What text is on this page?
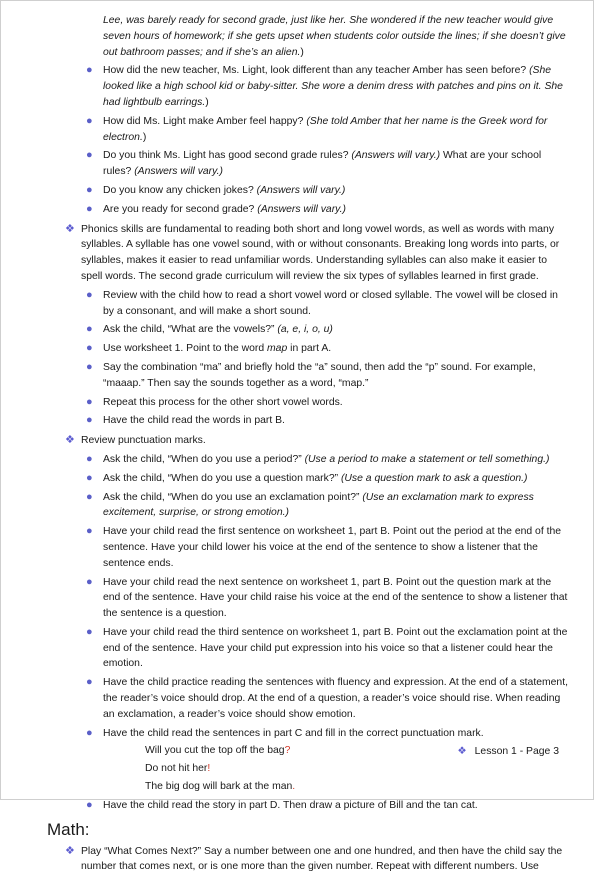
Lee, was barely ready for second grade, just like her. She wondered if the new teacher would give seven hours of homework; if she gets upset when students color outside the lines; if she doesn’t give out bathroom passes; and if she’s an alien.)
● How did the new teacher, Ms. Light, look different than any teacher Amber has seen before? (She looked like a high school kid or baby-sitter. She wore a denim dress with patches and pins on it. She had lightbulb earrings.)
● How did Ms. Light make Amber feel happy? (She told Amber that her name is the Greek word for electron.)
● Do you think Ms. Light has good second grade rules? (Answers will vary.) What are your school rules? (Answers will vary.)
● Do you know any chicken jokes? (Answers will vary.)
● Are you ready for second grade? (Answers will vary.)
❖ Phonics skills are fundamental to reading both short and long vowel words, as well as words with many syllables. A syllable has one vowel sound, with or without consonants. Breaking long words into parts, or syllables, makes it easier to read unfamiliar words. Understanding syllables can also make it easier to spell words. The second grade curriculum will review the six types of syllables learned in first grade.
● Review with the child how to read a short vowel word or closed syllable. The vowel will be closed in by a consonant, and will make a short sound.
● Ask the child, “What are the vowels?” (a, e, i, o, u)
● Use worksheet 1. Point to the word map in part A.
● Say the combination “ma” and briefly hold the “a” sound, then add the “p” sound. For example, “maaap.” Then say the sounds together as a word, “map.”
● Repeat this process for the other short vowel words.
● Have the child read the words in part B.
❖ Review punctuation marks.
● Ask the child, “When do you use a period?” (Use a period to make a statement or tell something.)
● Ask the child, “When do you use a question mark?” (Use a question mark to ask a question.)
● Ask the child, “When do you use an exclamation point?” (Use an exclamation mark to express excitement, surprise, or strong emotion.)
● Have your child read the first sentence on worksheet 1, part B. Point out the period at the end of the sentence. Have your child lower his voice at the end of the sentence to show a listener that the sentence ends.
● Have your child read the next sentence on worksheet 1, part B. Point out the question mark at the end of the sentence. Have your child raise his voice at the end of the sentence to show a listener that the sentence is a question.
● Have your child read the third sentence on worksheet 1, part B. Point out the exclamation point at the end of the sentence. Have your child put expression into his voice so that a listener could hear the emotion.
● Have the child practice reading the sentences with fluency and expression. At the end of a statement, the reader’s voice should drop. At the end of a question, a reader’s voice should rise. When reading an exclamation, a reader’s voice should show emotion.
● Have the child read the sentences in part C and fill in the correct punctuation mark.
Will you cut the top off the bag?
Do not hit her!
The big dog will bark at the man.
● Have the child read the story in part D. Then draw a picture of Bill and the tan cat.
Math:
❖ Play “What Comes Next?” Say a number between one and one hundred, and then have the child say the number that comes next, or is one more than the given number. Repeat with different numbers. Use
❖ Lesson 1 - Page 3
